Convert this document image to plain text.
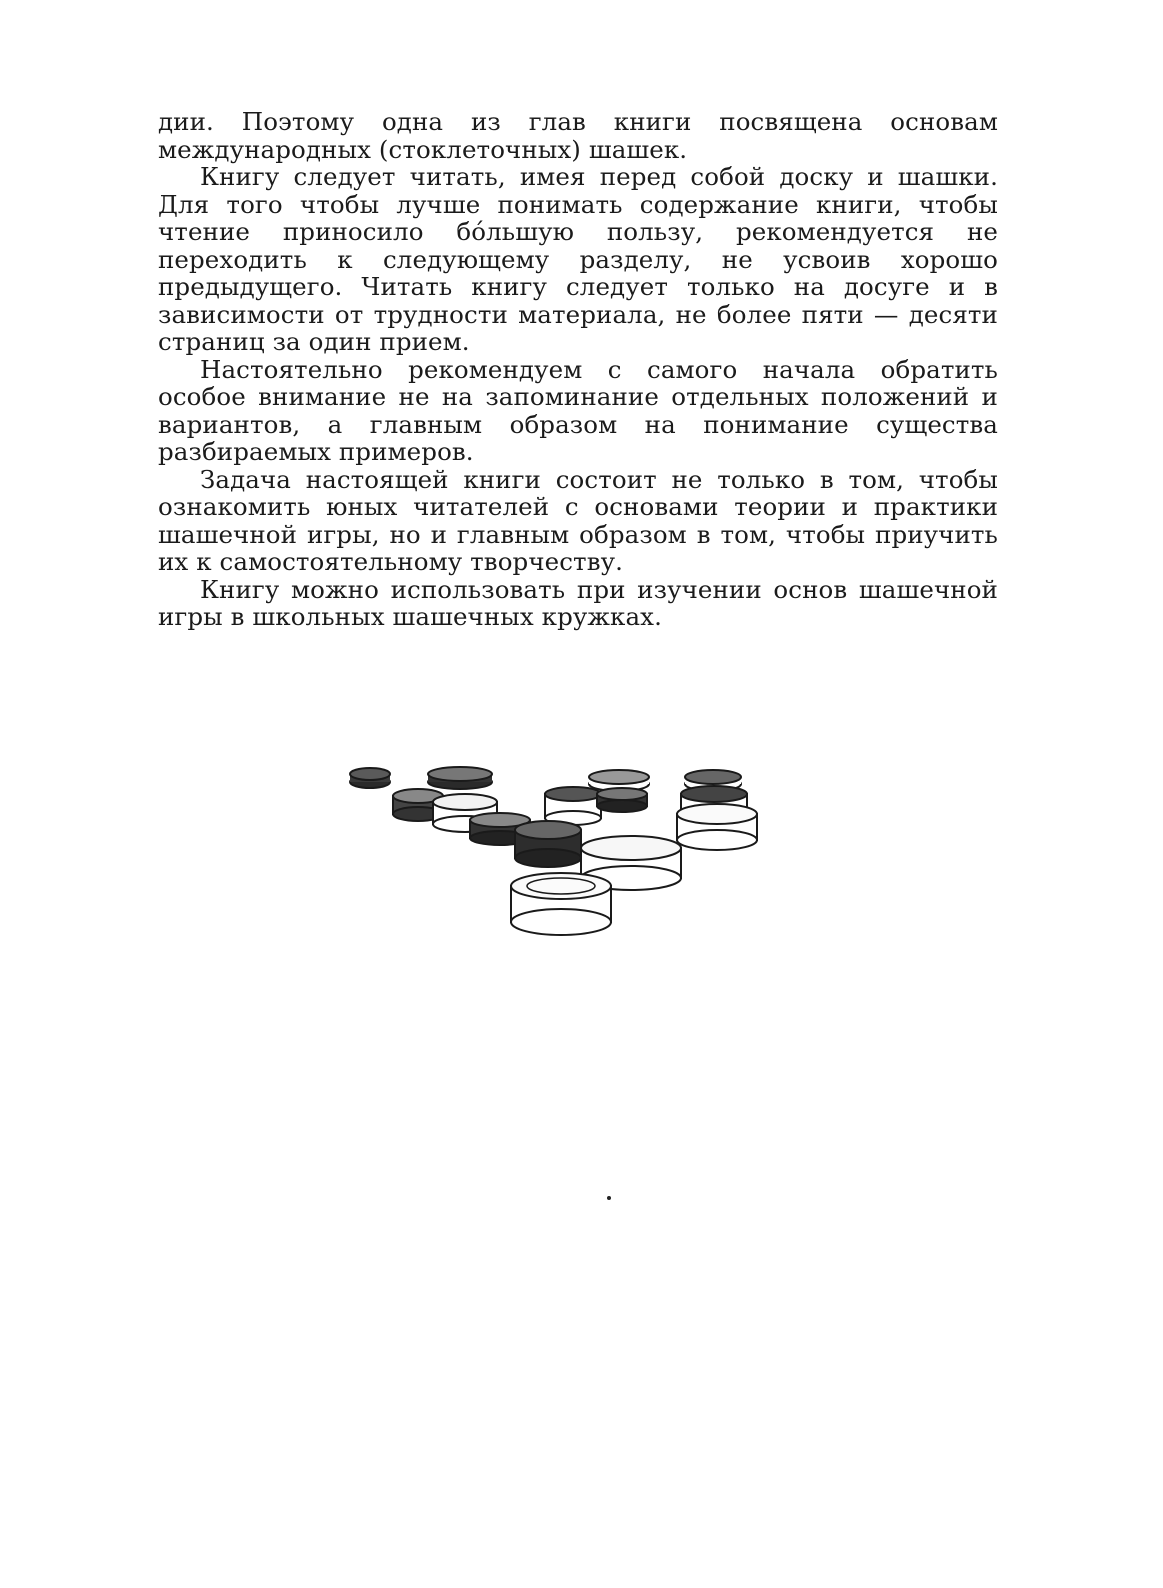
дии. Поэтому одна из глав книги посвящена основам международных (стоклеточных) шашек.

Книгу следует читать, имея перед собой доску и шашки. Для того чтобы лучше понимать содержание книги, чтобы чтение приносило бóльшую пользу, рекомендуется не переходить к следующему разделу, не усвоив хорошо предыдущего. Читать книгу следует только на досуге и в зависимости от трудности материала, не более пяти — десяти страниц за один прием.

Настоятельно рекомендуем с самого начала обратить особое внимание не на запоминание отдельных положений и вариантов, а главным образом на понимание существа разбираемых примеров.

Задача настоящей книги состоит не только в том, чтобы ознакомить юных читателей с основами теории и практики шашечной игры, но и главным образом в том, чтобы приучить их к самостоятельному творчеству.

Книгу можно использовать при изучении основ шашечной игры в школьных шашечных кружках.
